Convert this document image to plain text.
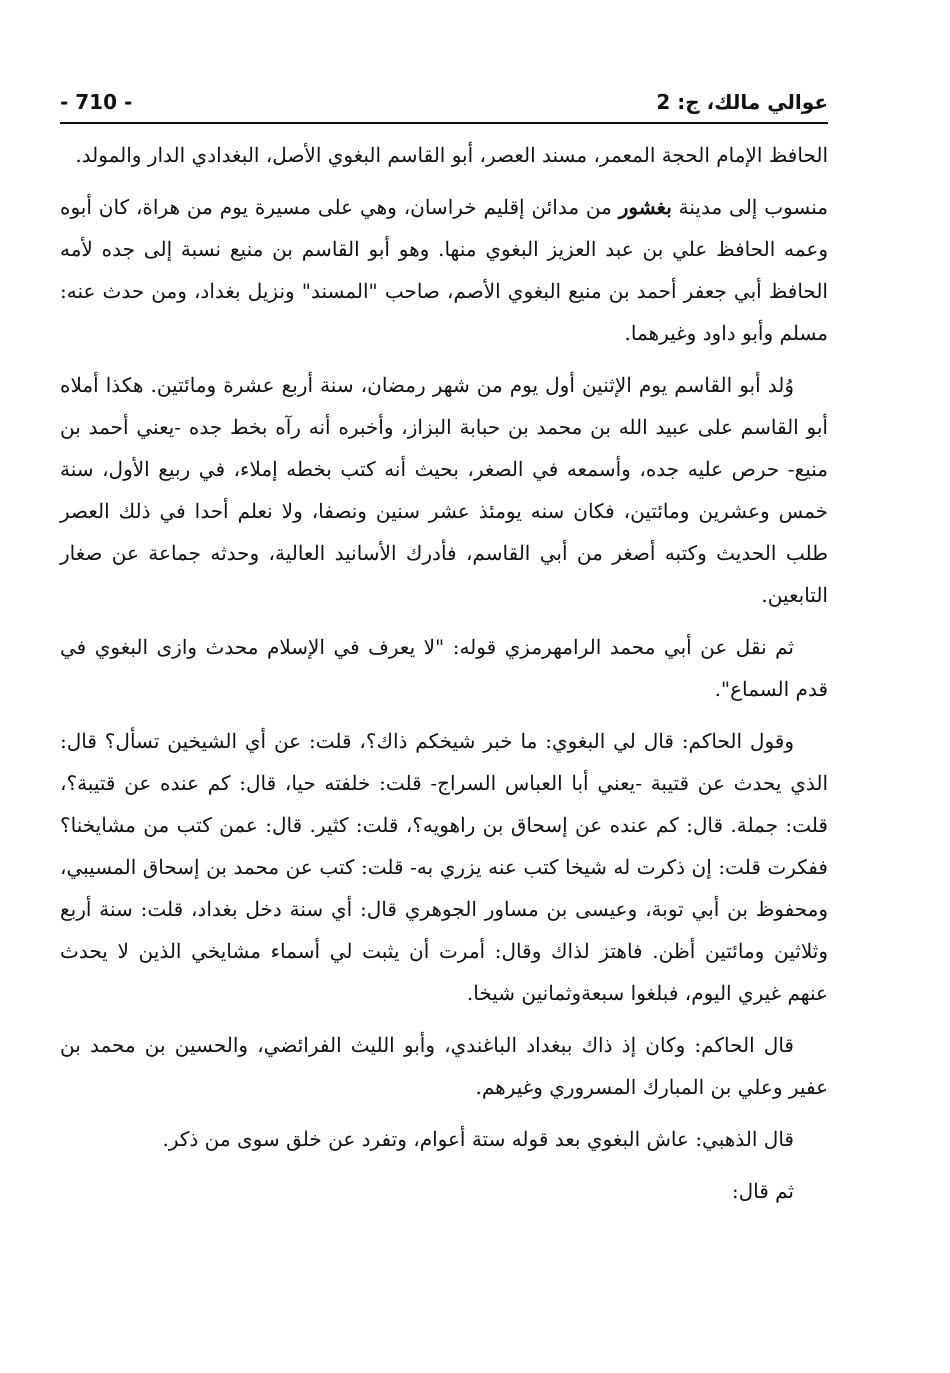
- 710 -	عوالي مالك، ج: 2

الحافظ الإمام الحجة المعمر، مسند العصر، أبو القاسم البغوي الأصل، البغدادي الدار والمولد.

منسوب إلى مدينة بغشور من مدائن إقليم خراسان، وهي على مسيرة يوم من هراة، كان أبوه وعمه الحافظ علي بن عبد العزيز البغوي منها. وهو أبو القاسم بن منيع نسبة إلى جده لأمه الحافظ أبي جعفر أحمد بن منيع البغوي الأصم، صاحب "المسند" ونزيل بغداد، ومن حدث عنه: مسلم وأبو داود وغيرهما.

وُلد أبو القاسم يوم الإثنين أول يوم من شهر رمضان، سنة أربع عشرة ومائتين. هكذا أملاه أبو القاسم على عبيد الله بن محمد بن حبابة البزاز، وأخبره أنه رآه بخط جده -يعني أحمد بن منيع- حرص عليه جده، وأسمعه في الصغر، بحيث أنه كتب بخطه إملاء، في ربيع الأول، سنة خمس وعشرين ومائتين، فكان سنه يومئذ عشر سنين ونصفا، ولا نعلم أحدا في ذلك العصر طلب الحديث وكتبه أصغر من أبي القاسم، فأدرك الأسانيد العالية، وحدثه جماعة عن صغار التابعين.

ثم نقل عن أبي محمد الرامهرمزي قوله: "لا يعرف في الإسلام محدث وازى البغوي في قدم السماع".

وقول الحاكم: قال لي البغوي: ما خبر شيخكم ذاك؟، قلت: عن أي الشيخين تسأل؟ قال: الذي يحدث عن قتيبة -يعني أبا العباس السراج- قلت: خلفته حيا، قال: كم عنده عن قتيبة؟، قلت: جملة. قال: كم عنده عن إسحاق بن راهويه؟، قلت: كثير. قال: عمن كتب من مشايخنا؟ ففكرت قلت: إن ذكرت له شيخا كتب عنه يزري به- قلت: كتب عن محمد بن إسحاق المسيبي، ومحفوظ بن أبي توبة، وعيسى بن مساور الجوهري قال: أي سنة دخل بغداد، قلت: سنة أربع وثلاثين ومائتين أظن. فاهتز لذاك وقال: أمرت أن يثبت لي أسماء مشايخي الذين لا يحدث عنهم غيري اليوم، فبلغوا سبعةوثمانين شيخا.

قال الحاكم: وكان إذ ذاك ببغداد الباغندي، وأبو الليث الفرائضي، والحسين بن محمد بن عفير وعلي بن المبارك المسروري وغيرهم.

قال الذهبي: عاش البغوي بعد قوله ستة أعوام، وتفرد عن خلق سوى من ذكر.

ثم قال:
